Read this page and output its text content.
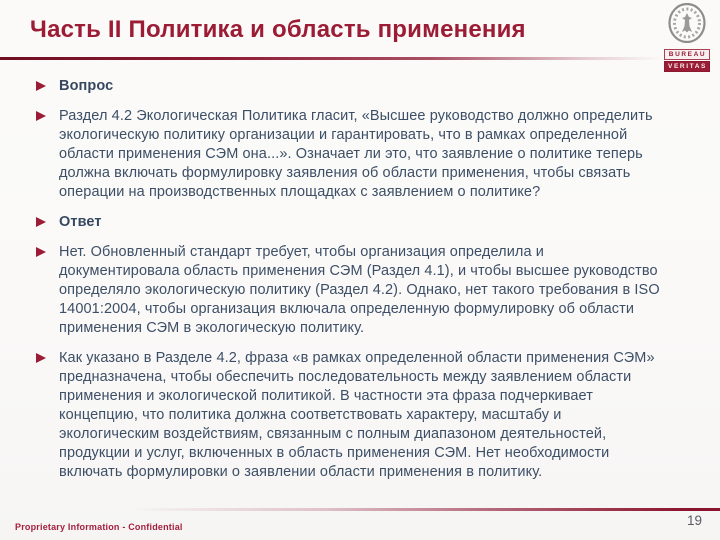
Часть II Политика и область применения
BUREAU
VERITAS
Вопрос
Раздел 4.2 Экологическая Политика гласит, «Высшее руководство должно определить экологическую политику организации и гарантировать, что в рамках определенной области применения СЭМ она...». Означает ли это, что заявление о политике теперь должна включать формулировку заявления об области применения, чтобы связать операции на производственных площадках с заявлением о политике?
Ответ
Нет. Обновленный стандарт требует, чтобы организация определила и документировала область применения СЭМ (Раздел 4.1), и чтобы высшее руководство определяло экологическую политику (Раздел 4.2). Однако, нет такого требования в ISO 14001:2004, чтобы организация включала определенную формулировку об области применения СЭМ в экологическую политику.
Как указано в Разделе 4.2, фраза «в рамках определенной области применения СЭМ» предназначена, чтобы обеспечить последовательность между заявлением области применения и экологической политикой. В частности эта фраза подчеркивает концепцию, что политика должна соответствовать характеру, масштабу и экологическим воздействиям, связанным с полным диапазоном деятельностей, продукции и услуг, включенных в область применения СЭМ. Нет необходимости включать формулировки о заявлении области применения в политику.
Proprietary Information - Confidential	19
